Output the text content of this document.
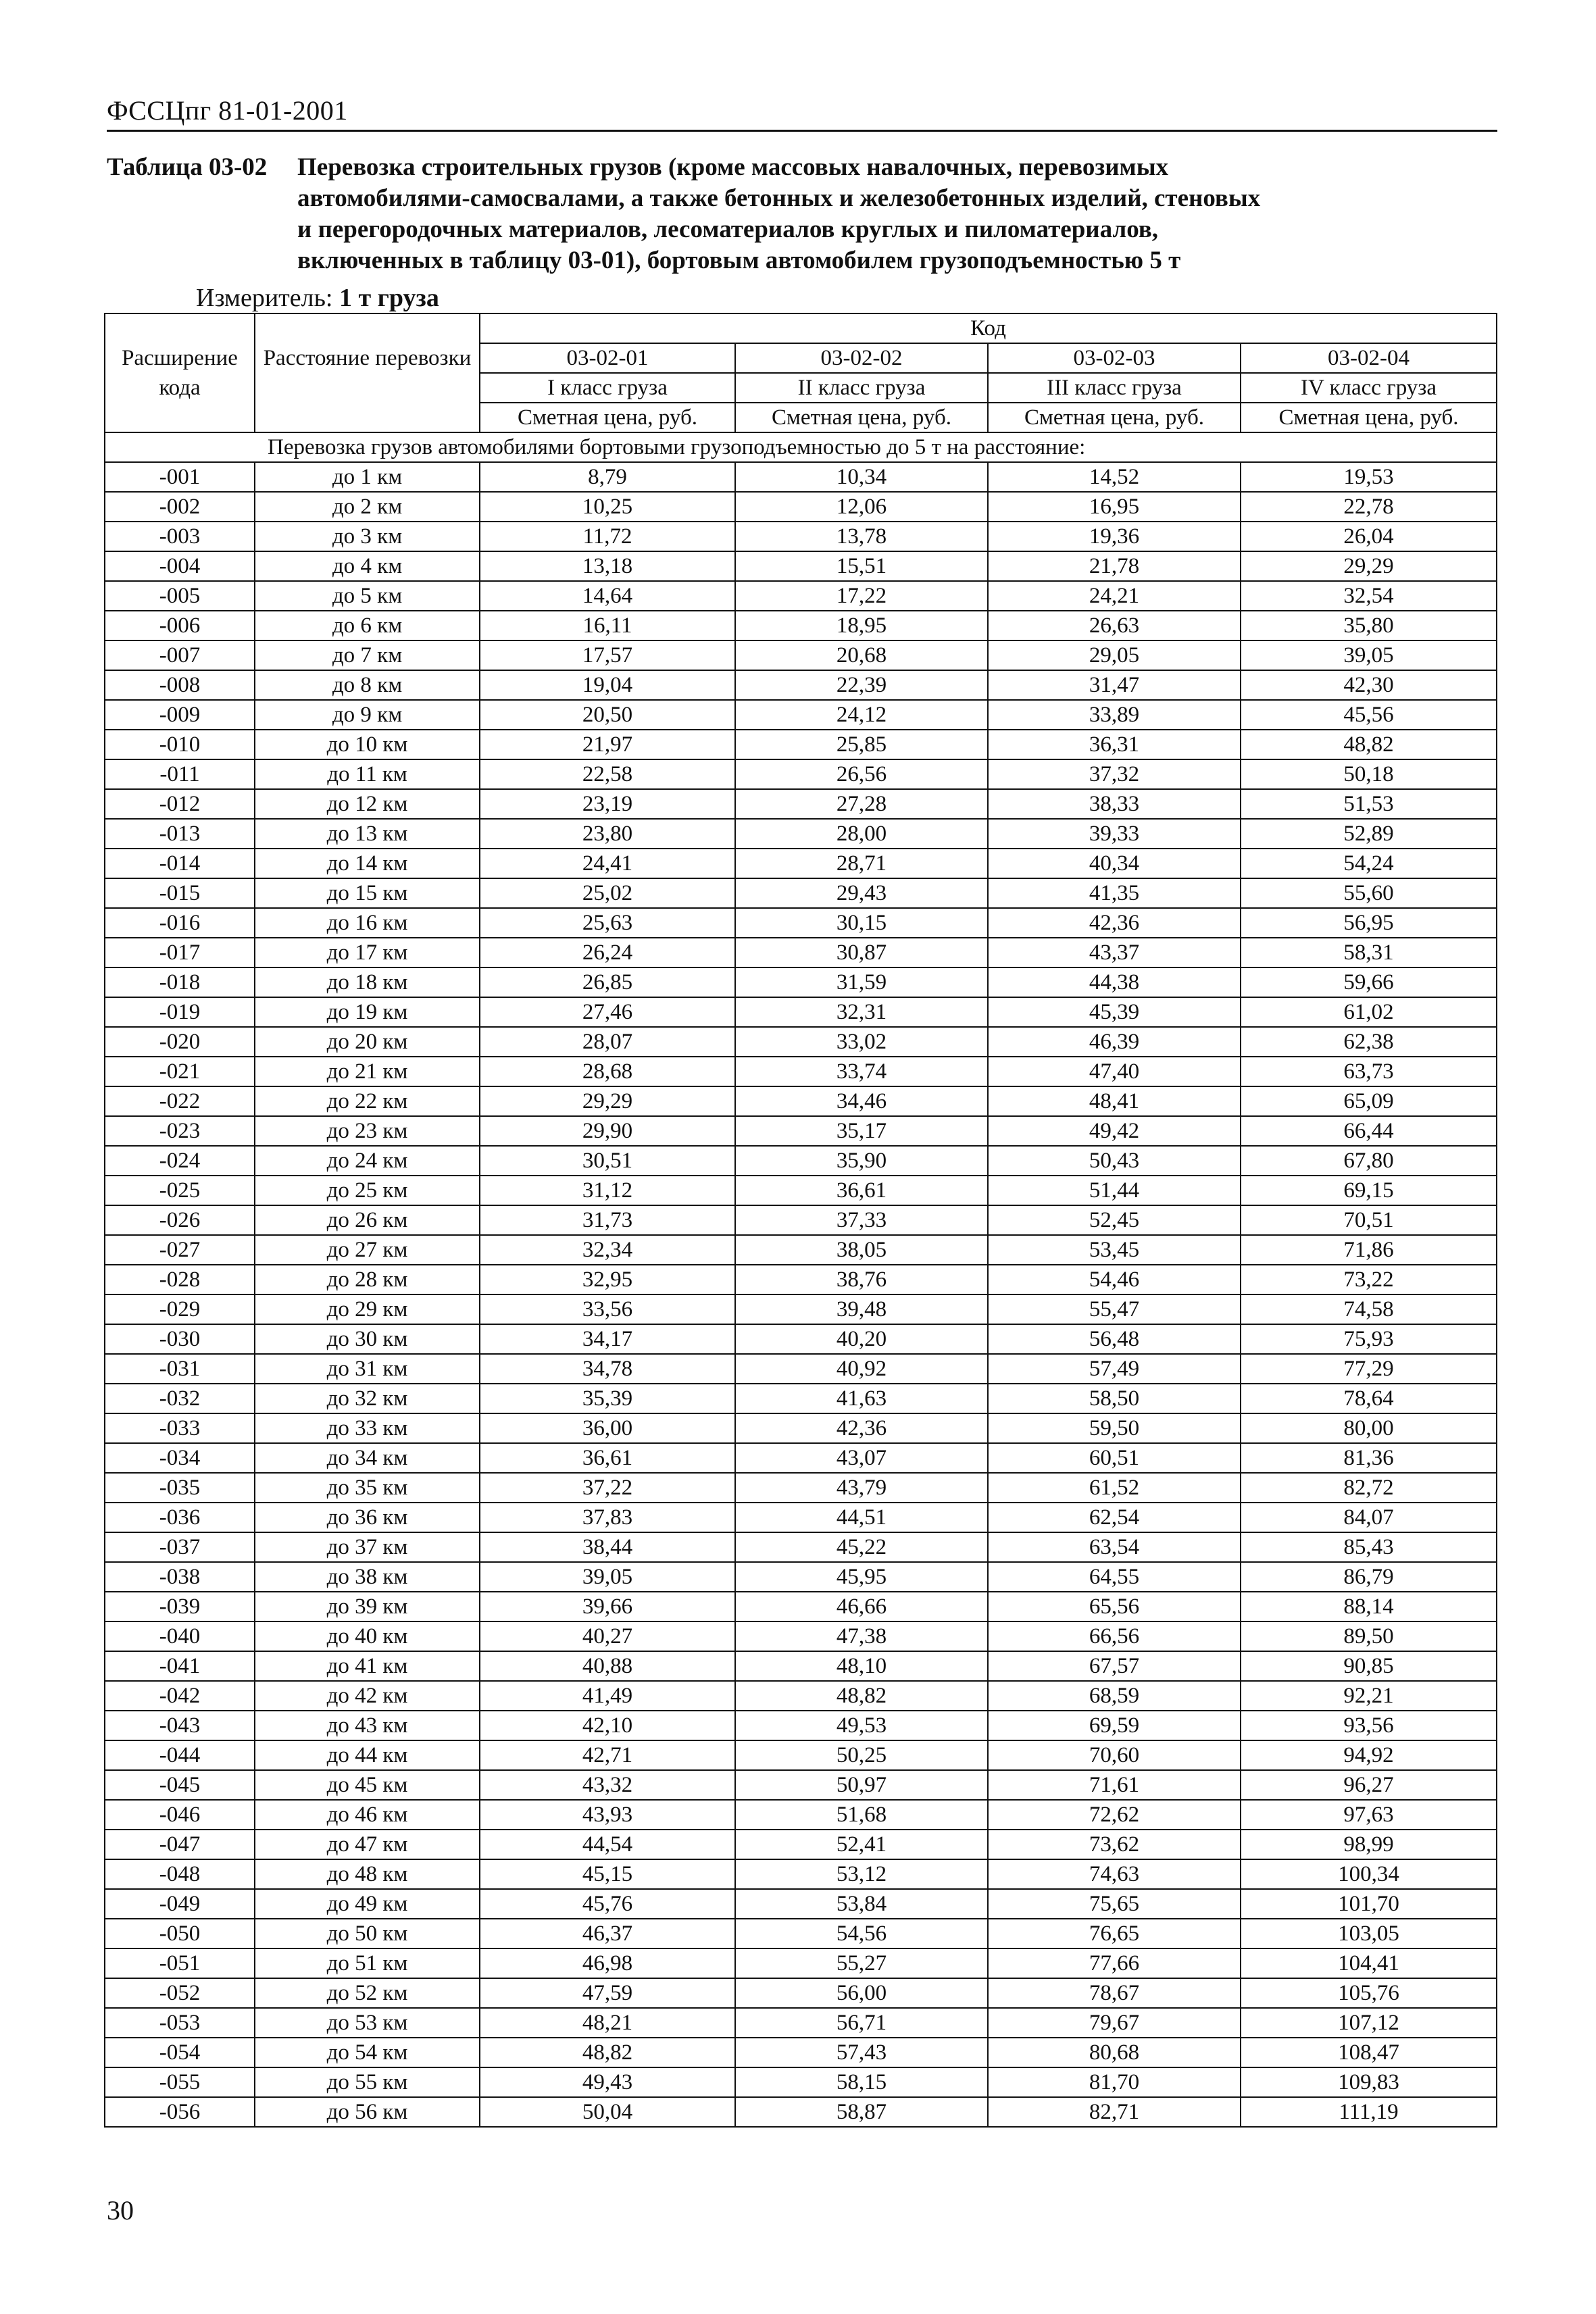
ФССЦпг 81-01-2001
Таблица 03-02 Перевозка строительных грузов (кроме массовых навалочных, перевозимых
автомобилями-самосвалами, а также бетонных и железобетонных изделий, стеновых
и перегородочных материалов, лесоматериалов круглых и пиломатериалов,
включенных в таблицу 03-01), бортовым автомобилем грузоподъемностью 5 т
Измеритель: 1 т груза
		Код			
Расширение кода	Расстояние перевозки	03-02-01	03-02-02	03-02-03	03-02-04
		I класс груза	II класс груза	III класс груза	IV класс груза
		Сметная цена, руб.	Сметная цена, руб.	Сметная цена, руб.	Сметная цена, руб.
Перевозка грузов автомобилями бортовыми грузоподъемностью до 5 т на расстояние:					
-001	до 1 км	8,79	10,34	14,52	19,53
-002	до 2 км	10,25	12,06	16,95	22,78
-003	до 3 км	11,72	13,78	19,36	26,04
-004	до 4 км	13,18	15,51	21,78	29,29
-005	до 5 км	14,64	17,22	24,21	32,54
-006	до 6 км	16,11	18,95	26,63	35,80
-007	до 7 км	17,57	20,68	29,05	39,05
-008	до 8 км	19,04	22,39	31,47	42,30
-009	до 9 км	20,50	24,12	33,89	45,56
-010	до 10 км	21,97	25,85	36,31	48,82
-011	до 11 км	22,58	26,56	37,32	50,18
-012	до 12 км	23,19	27,28	38,33	51,53
-013	до 13 км	23,80	28,00	39,33	52,89
-014	до 14 км	24,41	28,71	40,34	54,24
-015	до 15 км	25,02	29,43	41,35	55,60
-016	до 16 км	25,63	30,15	42,36	56,95
-017	до 17 км	26,24	30,87	43,37	58,31
-018	до 18 км	26,85	31,59	44,38	59,66
-019	до 19 км	27,46	32,31	45,39	61,02
-020	до 20 км	28,07	33,02	46,39	62,38
-021	до 21 км	28,68	33,74	47,40	63,73
-022	до 22 км	29,29	34,46	48,41	65,09
-023	до 23 км	29,90	35,17	49,42	66,44
-024	до 24 км	30,51	35,90	50,43	67,80
-025	до 25 км	31,12	36,61	51,44	69,15
-026	до 26 км	31,73	37,33	52,45	70,51
-027	до 27 км	32,34	38,05	53,45	71,86
-028	до 28 км	32,95	38,76	54,46	73,22
-029	до 29 км	33,56	39,48	55,47	74,58
-030	до 30 км	34,17	40,20	56,48	75,93
-031	до 31 км	34,78	40,92	57,49	77,29
-032	до 32 км	35,39	41,63	58,50	78,64
-033	до 33 км	36,00	42,36	59,50	80,00
-034	до 34 км	36,61	43,07	60,51	81,36
-035	до 35 км	37,22	43,79	61,52	82,72
-036	до 36 км	37,83	44,51	62,54	84,07
-037	до 37 км	38,44	45,22	63,54	85,43
-038	до 38 км	39,05	45,95	64,55	86,79
-039	до 39 км	39,66	46,66	65,56	88,14
-040	до 40 км	40,27	47,38	66,56	89,50
-041	до 41 км	40,88	48,10	67,57	90,85
-042	до 42 км	41,49	48,82	68,59	92,21
-043	до 43 км	42,10	49,53	69,59	93,56
-044	до 44 км	42,71	50,25	70,60	94,92
-045	до 45 км	43,32	50,97	71,61	96,27
-046	до 46 км	43,93	51,68	72,62	97,63
-047	до 47 км	44,54	52,41	73,62	98,99
-048	до 48 км	45,15	53,12	74,63	100,34
-049	до 49 км	45,76	53,84	75,65	101,70
-050	до 50 км	46,37	54,56	76,65	103,05
-051	до 51 км	46,98	55,27	77,66	104,41
-052	до 52 км	47,59	56,00	78,67	105,76
-053	до 53 км	48,21	56,71	79,67	107,12
-054	до 54 км	48,82	57,43	80,68	108,47
-055	до 55 км	49,43	58,15	81,70	109,83
-056	до 56 км	50,04	58,87	82,71	111,19
30
